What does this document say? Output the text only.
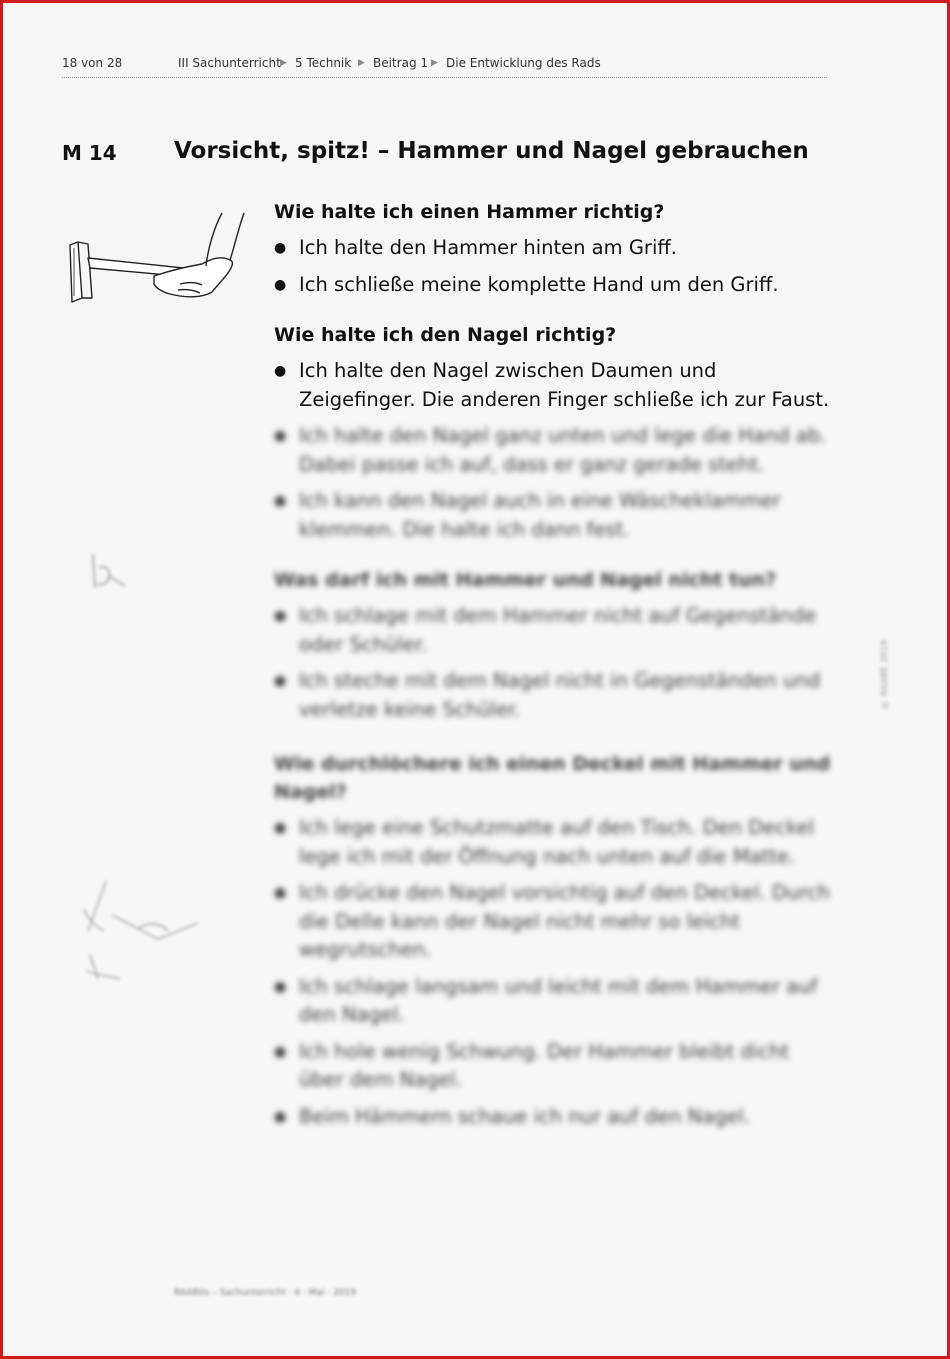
18 von 28	III Sachunterricht ▶ 5 Technik ▶ Beitrag 1 ▶ Die Entwicklung des Rads
M 14 Vorsicht, spitz! – Hammer und Nagel gebrauchen
Wie halte ich einen Hammer richtig?
● Ich halte den Hammer hinten am Griff.
● Ich schließe meine komplette Hand um den Griff.
Wie halte ich den Nagel richtig?
● Ich halte den Nagel zwischen Daumen und Zeigefinger. Die anderen Finger schließe ich zur Faust.
● Ich halte den Nagel ganz unten und lege die Hand ab. Dabei passe ich auf, dass er ganz gerade steht.
● Ich kann den Nagel auch in eine Wäscheklammer klemmen. Die halte ich dann fest.
Was darf ich mit Hammer und Nagel nicht tun?
● Ich schlage mit dem Hammer nicht auf Gegenstände oder Schüler.
● Ich steche mit dem Nagel nicht in Gegenständen und verletze keine Schüler.
Wie durchlöchere ich einen Deckel mit Hammer und Nagel?
● Ich lege eine Schutzmatte auf den Tisch. Den Deckel lege ich mit der Öffnung nach unten auf die Matte.
● Ich drücke den Nagel vorsichtig auf den Deckel. Durch die Delle kann der Nagel nicht mehr so leicht wegrutschen.
● Ich schlage langsam und leicht mit dem Hammer auf den Nagel.
● Ich hole wenig Schwung. Der Hammer bleibt dicht über dem Nagel.
● Beim Hämmern schaue ich nur auf den Nagel.
RAABits – Sachunterricht · 4 · Mai · 2019
© RAABE 2019
